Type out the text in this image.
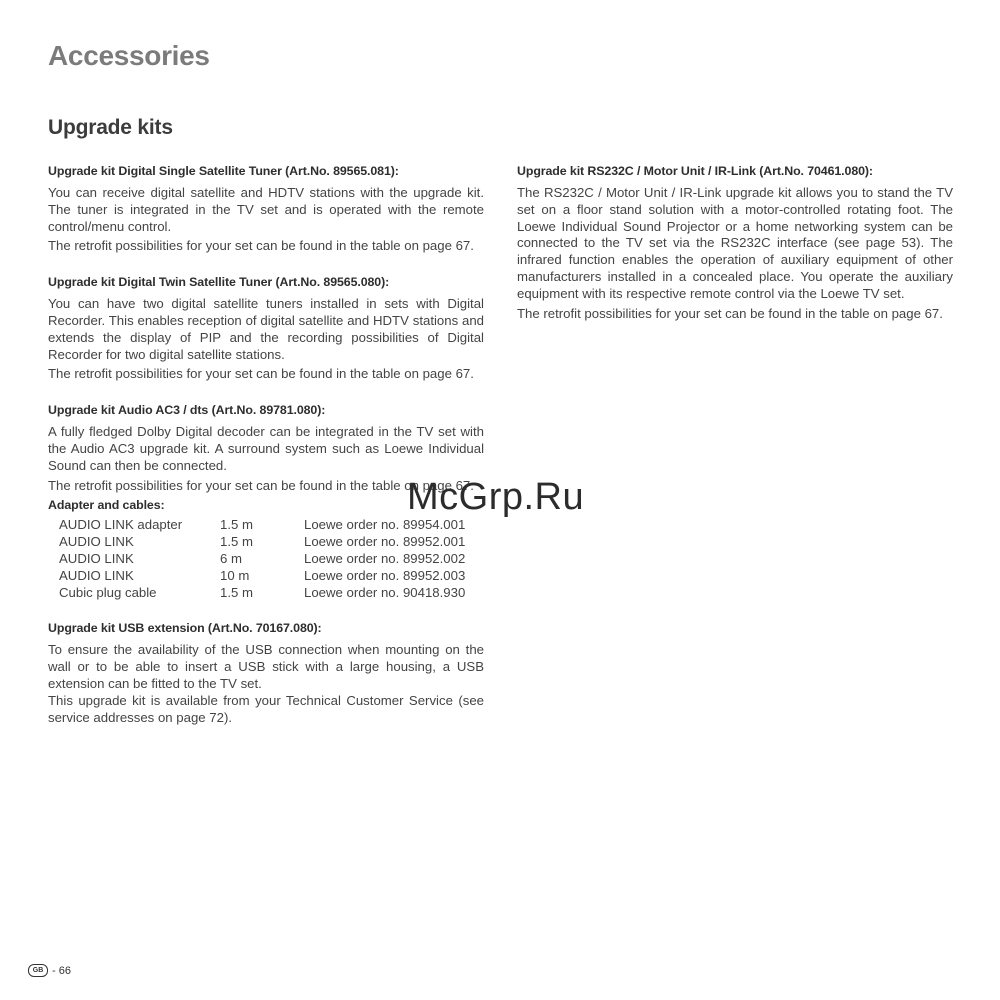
Accessories
Upgrade kits

Upgrade kit Digital Single Satellite Tuner (Art.No. 89565.081):

You can receive digital satellite and HDTV stations with the upgrade kit. The tuner is integrated in the TV set and is operated with the remote control/menu control.

The retrofit possibilities for your set can be found in the table on page 67.

Upgrade kit Digital Twin Satellite Tuner (Art.No. 89565.080):

You can have two digital satellite tuners installed in sets with Digital Recorder. This enables reception of digital satellite and HDTV stations and extends the display of PIP and the recording possibilities of Digital Recorder for two digital satellite stations.

The retrofit possibilities for your set can be found in the table on page 67.

Upgrade kit Audio AC3 / dts (Art.No. 89781.080):

A fully fledged Dolby Digital decoder can be integrated in the TV set with the Audio AC3 upgrade kit. A surround system such as Loewe Individual Sound can then be connected.

The retrofit possibilities for your set can be found in the table on page 67.

Adapter and cables:

AUDIO LINK adapter	1.5 m	Loewe order no. 89954.001
AUDIO LINK	1.5 m	Loewe order no. 89952.001
AUDIO LINK	6 m	Loewe order no. 89952.002
AUDIO LINK	10 m	Loewe order no. 89952.003
Cubic plug cable	1.5 m	Loewe order no. 90418.930

Upgrade kit USB extension (Art.No. 70167.080):

To ensure the availability of the USB connection when mounting on the wall or to be able to insert a USB stick with a large housing, a USB extension can be fitted to the TV set.

This upgrade kit is available from your Technical Customer Service (see service addresses on page 72).

Upgrade kit RS232C / Motor Unit / IR-Link (Art.No. 70461.080):

The RS232C / Motor Unit / IR-Link upgrade kit allows you to stand the TV set on a floor stand solution with a motor-controlled rotating foot. The Loewe Individual Sound Projector or a home networking system can be connected to the TV set via the RS232C interface (see page 53). The infrared function enables the operation of auxiliary equipment of other manufacturers installed in a concealed place. You operate the auxiliary equipment with its respective remote control via the Loewe TV set.

The retrofit possibilities for your set can be found in the table on page 67.

McGrp.Ru

GB - 66
